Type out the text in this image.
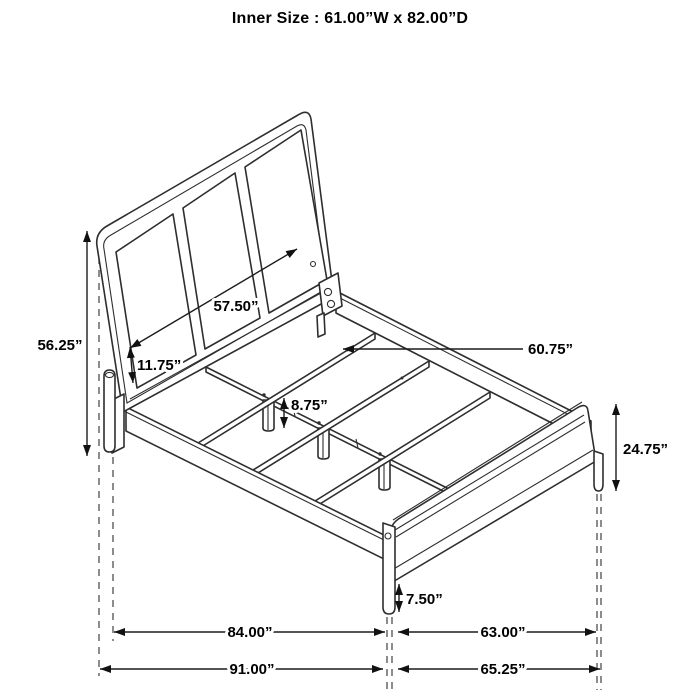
Inner Size : 61.00”W x 82.00”D
56.25”
57.50”
11.75”
60.75”
8.75”
24.75”
7.50”
84.00”	63.00”
91.00”	65.25”
